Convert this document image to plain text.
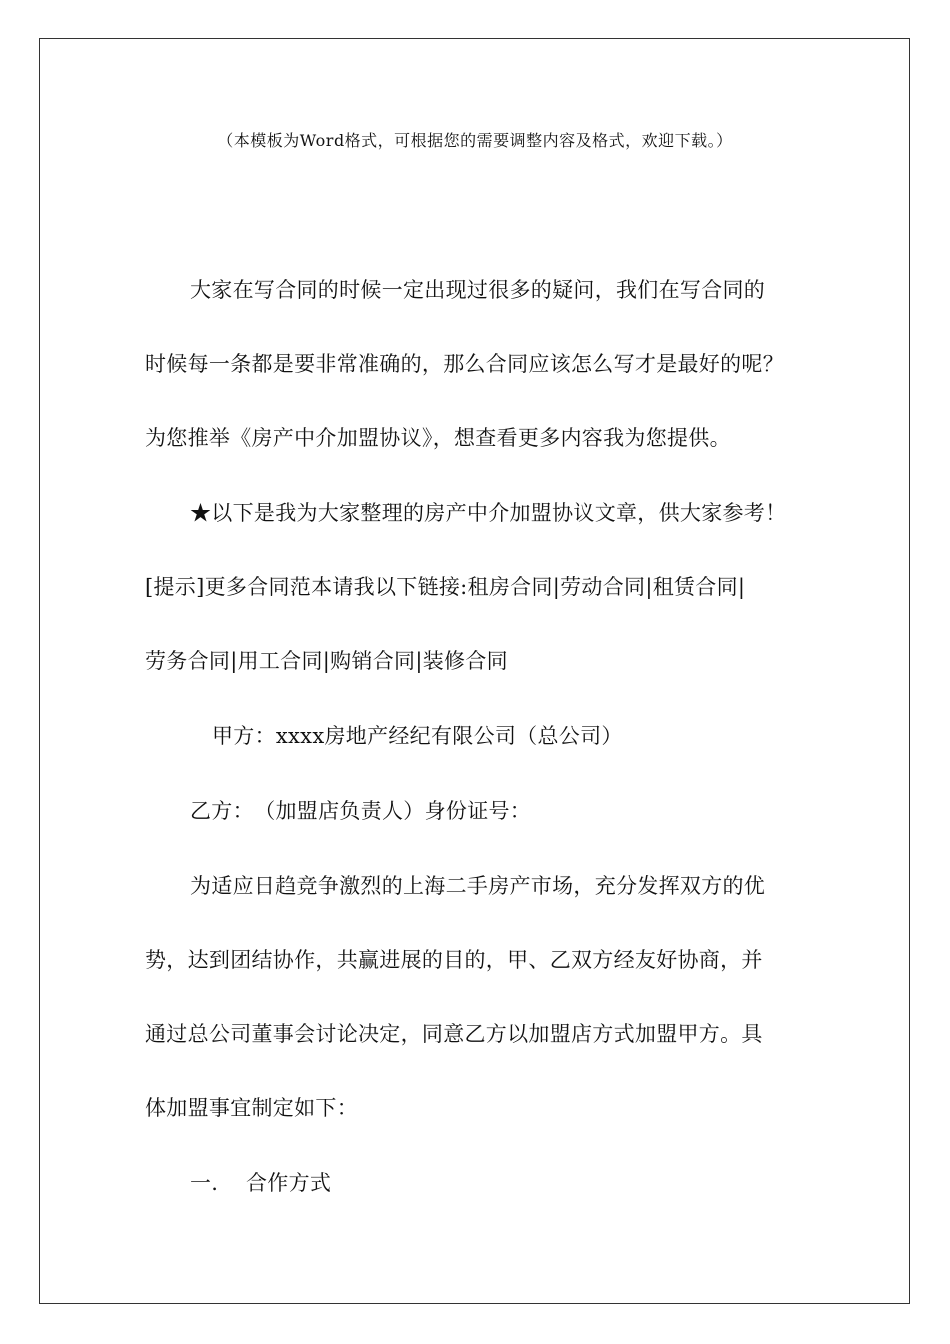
（本模板为Word格式，可根据您的需要调整内容及格式，欢迎下载。）
大家在写合同的时候一定出现过很多的疑问，我们在写合同的
时候每一条都是要非常准确的，那么合同应该怎么写才是最好的呢？
为您推举《房产中介加盟协议》，想查看更多内容我为您提供。
★以下是我为大家整理的房产中介加盟协议文章，供大家参考！
[提示]更多合同范本请我以下链接:租房合同|劳动合同|租赁合同|
劳务合同|用工合同|购销合同|装修合同
甲方：xxxx房地产经纪有限公司（总公司）
乙方：　（加盟店负责人）身份证号：
为适应日趋竞争激烈的上海二手房产市场，充分发挥双方的优
势，达到团结协作，共赢进展的目的，甲、乙双方经友好协商，并
通过总公司董事会讨论决定，同意乙方以加盟店方式加盟甲方。具
体加盟事宜制定如下：
一. 合作方式
